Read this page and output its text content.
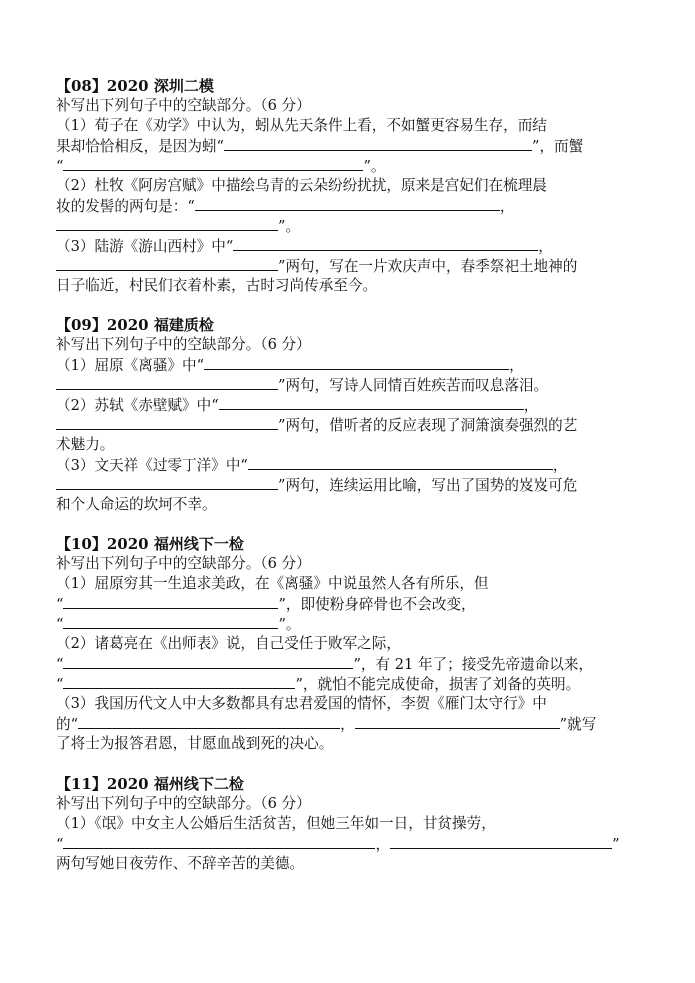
【08】2020 深圳二模
补写出下列句子中的空缺部分。（6 分）
（1）荀子在《劝学》中认为，蚓从先天条件上看，不如蟹更容易生存，而结
果却恰恰相反，是因为蚓“	”，而蟹
“	”。
（2）杜牧《阿房宫赋》中描绘乌青的云朵纷纷扰扰，原来是宫妃们在梳理晨
妆的发髻的两句是：“	，
”。
（3）陆游《游山西村》中“	，
”两句，写在一片欢庆声中，春季祭祀土地神的
日子临近，村民们衣着朴素，古时习尚传承至今。
【09】2020 福建质检
补写出下列句子中的空缺部分。（6 分）
（1）屈原《离骚》中“	，
”两句，写诗人同情百姓疾苦而叹息落泪。
（2）苏轼《赤壁赋》中“	，
”两句，借听者的反应表现了洞箫演奏强烈的艺
术魅力。
（3）文天祥《过零丁洋》中“	，
”两句，连续运用比喻，写出了国势的岌岌可危
和个人命运的坎坷不幸。
【10】2020 福州线下一检
补写出下列句子中的空缺部分。（6 分）
（1）屈原穷其一生追求美政，在《离骚》中说虽然人各有所乐，但
“	”，即使粉身碎骨也不会改变，
“	”。
（2）诸葛亮在《出师表》说，自己受任于败军之际，
“	”，有 21 年了；接受先帝遗命以来，
“	”，就怕不能完成使命，损害了刘备的英明。
（3）我国历代文人中大多数都具有忠君爱国的情怀，李贺《雁门太守行》中
的“	，	”就写
了将士为报答君恩，甘愿血战到死的决心。
【11】2020 福州线下二检
补写出下列句子中的空缺部分。（6 分）
（1）《氓》中女主人公婚后生活贫苦，但她三年如一日，甘贫操劳，
“	，	”
两句写她日夜劳作、不辞辛苦的美德。
